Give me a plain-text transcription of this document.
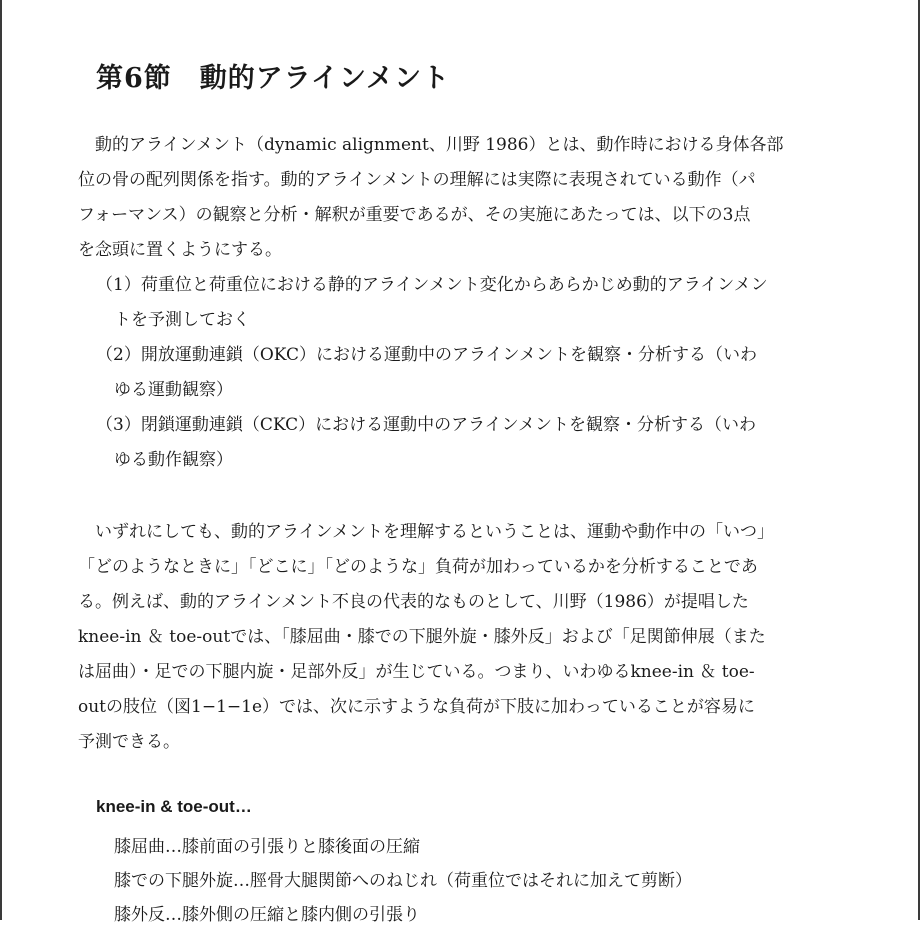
第6節　動的アラインメント
　動的アラインメント（dynamic alignment、川野 1986）とは、動作時における身体各部
位の骨の配列関係を指す。動的アラインメントの理解には実際に表現されている動作（パ
フォーマンス）の観察と分析・解釈が重要であるが、その実施にあたっては、以下の3点
を念頭に置くようにする。
（1）荷重位と荷重位における静的アラインメント変化からあらかじめ動的アラインメン
トを予測しておく
（2）開放運動連鎖（OKC）における運動中のアラインメントを観察・分析する（いわ
ゆる運動観察）
（3）閉鎖運動連鎖（CKC）における運動中のアラインメントを観察・分析する（いわ
ゆる動作観察）
　いずれにしても、動的アラインメントを理解するということは、運動や動作中の「いつ」
「どのようなときに」「どこに」「どのような」負荷が加わっているかを分析することであ
る。例えば、動的アラインメント不良の代表的なものとして、川野（1986）が提唱した
knee-in ＆ toe-outでは、「膝屈曲・膝での下腿外旋・膝外反」および「足関節伸展（また
は屈曲）・足での下腿内旋・足部外反」が生じている。つまり、いわゆるknee-in ＆ toe-
outの肢位（図1−1−1e）では、次に示すような負荷が下肢に加わっていることが容易に
予測できる。
knee-in & toe-out…
膝屈曲…膝前面の引張りと膝後面の圧縮
膝での下腿外旋…脛骨大腿関節へのねじれ（荷重位ではそれに加えて剪断）
膝外反…膝外側の圧縮と膝内側の引張り
